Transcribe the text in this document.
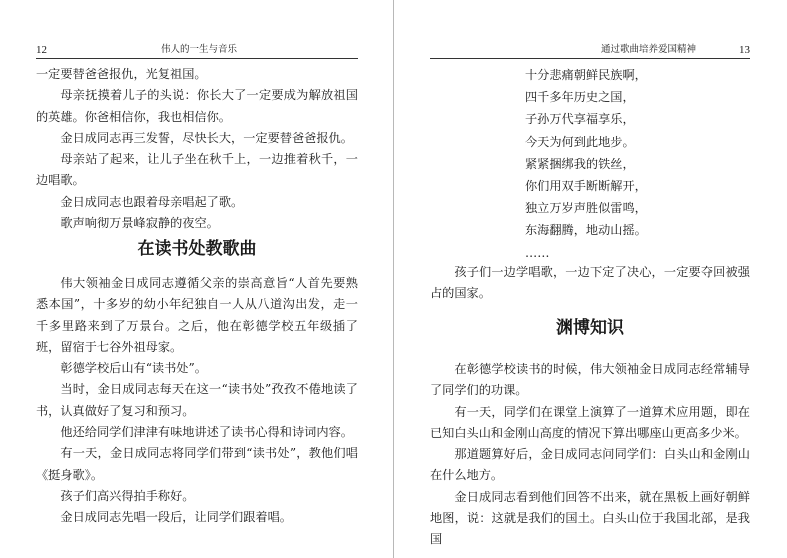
12	伟人的一生与音乐

一定要替爸爸报仇，光复祖国。

母亲抚摸着儿子的头说：你长大了一定要成为解放祖国的英雄。你爸相信你，我也相信你。

金日成同志再三发誓，尽快长大，一定要替爸爸报仇。

母亲站了起来，让儿子坐在秋千上，一边推着秋千，一边唱歌。

金日成同志也跟着母亲唱起了歌。

歌声响彻万景峰寂静的夜空。

在读书处教歌曲

伟大领袖金日成同志遵循父亲的崇高意旨“人首先要熟悉本国”，十多岁的幼小年纪独自一人从八道沟出发，走一千多里路来到了万景台。之后，他在彰德学校五年级插了班，留宿于七谷外祖母家。

彰德学校后山有“读书处”。

当时，金日成同志每天在这一“读书处”孜孜不倦地读了书，认真做好了复习和预习。

他还给同学们津津有味地讲述了读书心得和诗词内容。

有一天，金日成同志将同学们带到“读书处”，教他们唱《挺身歌》。

孩子们高兴得拍手称好。

金日成同志先唱一段后，让同学们跟着唱。

通过歌曲培养爱国精神	13
十分悲痛朝鲜民族啊，
四千多年历史之国，
子孙万代享福享乐，
今天为何到此地步。
紧紧捆绑我的铁丝，
你们用双手断断解开，
独立万岁声胜似雷鸣，
东海翻腾，地动山摇。
……

孩子们一边学唱歌，一边下定了决心，一定要夺回被强占的国家。

渊博知识

在彰德学校读书的时候，伟大领袖金日成同志经常辅导了同学们的功课。

有一天，同学们在课堂上演算了一道算术应用题，即在已知白头山和金刚山高度的情况下算出哪座山更高多少米。

那道题算好后，金日成同志问同学们：白头山和金刚山在什么地方。

金日成同志看到他们回答不出来，就在黑板上画好朝鲜地图，说：这就是我们的国土。白头山位于我国北部，是我国
